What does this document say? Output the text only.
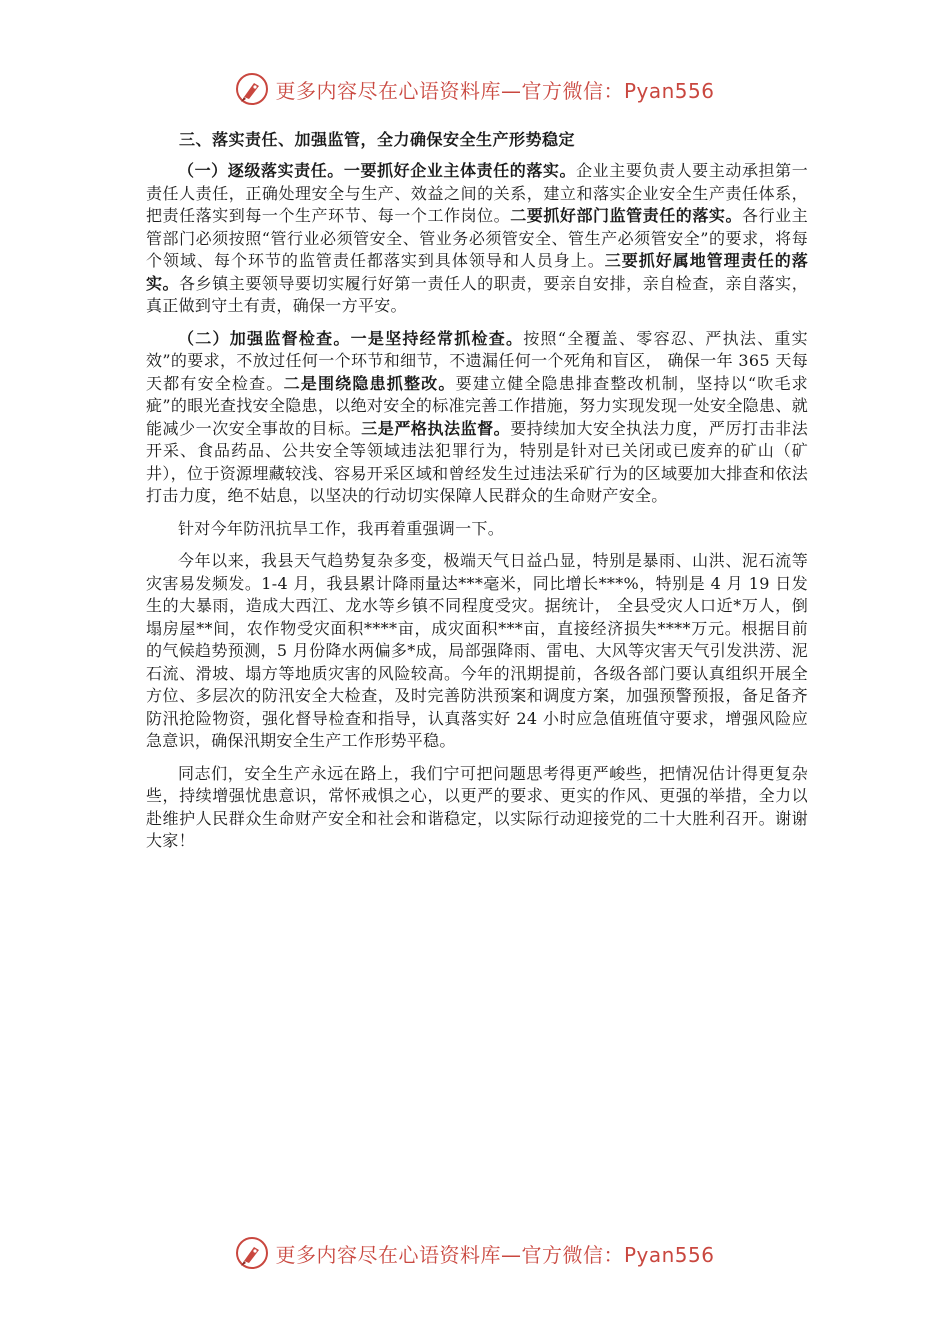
更多内容尽在心语资料库—官方微信：Pyan556
三、落实责任、加强监管，全力确保安全生产形势稳定

（一）逐级落实责任。一要抓好企业主体责任的落实。企业主要负责人要主动承担第一责任人责任，正确处理安全与生产、效益之间的关系，建立和落实企业安全生产责任体系，把责任落实到每一个生产环节、每一个工作岗位。二要抓好部门监管责任的落实。各行业主管部门必须按照“管行业必须管安全、管业务必须管安全、管生产必须管安全”的要求，将每个领域、每个环节的监管责任都落实到具体领导和人员身上。三要抓好属地管理责任的落实。各乡镇主要领导要切实履行好第一责任人的职责，要亲自安排，亲自检查，亲自落实，真正做到守土有责，确保一方平安。

（二）加强监督检查。一是坚持经常抓检查。按照“全覆盖、零容忍、严执法、重实效”的要求，不放过任何一个环节和细节，不遗漏任何一个死角和盲区， 确保一年 365 天每天都有安全检查。二是围绕隐患抓整改。要建立健全隐患排查整改机制，坚持以“吹毛求疵”的眼光查找安全隐患，以绝对安全的标准完善工作措施，努力实现发现一处安全隐患、就能减少一次安全事故的目标。三是严格执法监督。要持续加大安全执法力度，严厉打击非法开采、食品药品、公共安全等领域违法犯罪行为，特别是针对已关闭或已废弃的矿山（矿井），位于资源埋藏较浅、容易开采区域和曾经发生过违法采矿行为的区域要加大排查和依法打击力度，绝不姑息，以坚决的行动切实保障人民群众的生命财产安全。

针对今年防汛抗旱工作，我再着重强调一下。

今年以来，我县天气趋势复杂多变，极端天气日益凸显，特别是暴雨、山洪、泥石流等灾害易发频发。1-4 月，我县累计降雨量达***毫米，同比增长***%，特别是 4 月 19 日发生的大暴雨，造成大西江、龙水等乡镇不同程度受灾。据统计， 全县受灾人口近*万人，倒塌房屋**间，农作物受灾面积****亩，成灾面积***亩，直接经济损失****万元。根据目前的气候趋势预测，5 月份降水两偏多*成，局部强降雨、雷电、大风等灾害天气引发洪涝、泥石流、滑坡、塌方等地质灾害的风险较高。今年的汛期提前，各级各部门要认真组织开展全方位、多层次的防汛安全大检查，及时完善防洪预案和调度方案，加强预警预报，备足备齐防汛抢险物资，强化督导检查和指导，认真落实好 24 小时应急值班值守要求，增强风险应急意识，确保汛期安全生产工作形势平稳。

同志们，安全生产永远在路上，我们宁可把问题思考得更严峻些，把情况估计得更复杂些，持续增强忧患意识，常怀戒惧之心，以更严的要求、更实的作风、更强的举措，全力以赴维护人民群众生命财产安全和社会和谐稳定，以实际行动迎接党的二十大胜利召开。谢谢大家！

更多内容尽在心语资料库—官方微信：Pyan556
